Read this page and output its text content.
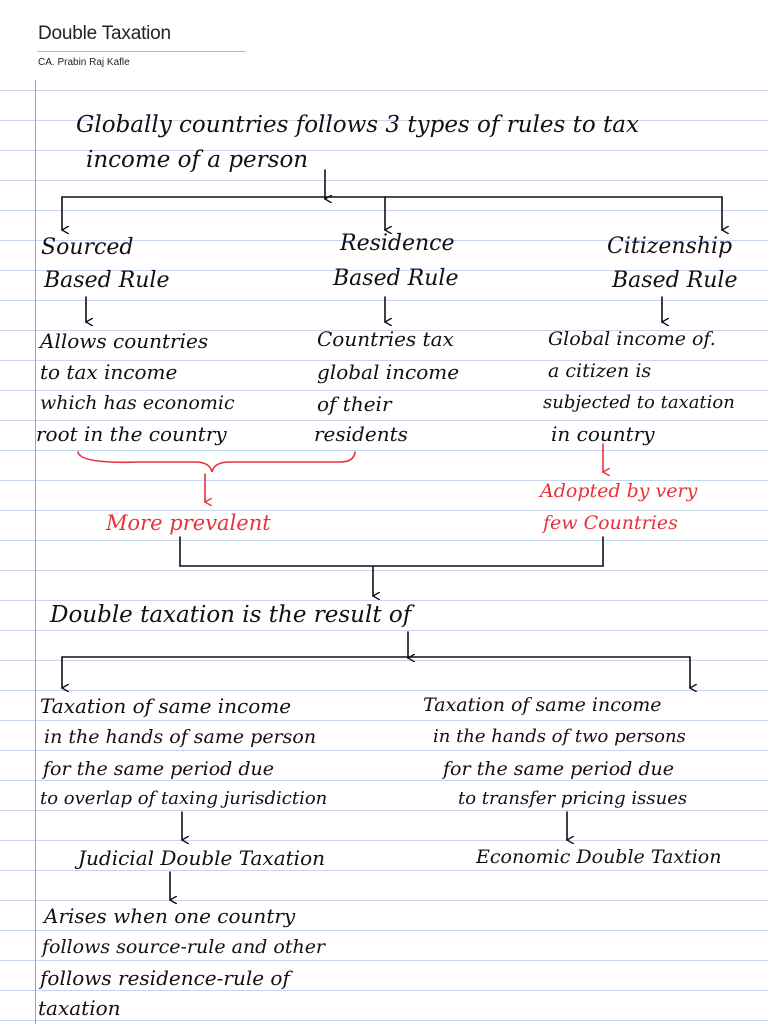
Double Taxation
CA. Prabin Raj Kafle
Globally countries follows 3 types of rules to tax
income of a person
Sourced
Based Rule
Allows countries
to tax income
which has economic
root in the country
Residence
Based Rule
Countries tax
global income
of their
residents
Citizenship
Based Rule
Global income of.
a citizen is
subjected to taxation
in country
More prevalent
Adopted by very
few Countries
Double taxation is the result of
Taxation of same income
in the hands of same person
for the same period due
to overlap of taxing jurisdiction
Taxation of same income
in the hands of two persons
for the same period due
to transfer pricing issues
Judicial Double Taxation	Economic Double Taxtion
Arises when one country
follows source-rule and other
follows residence-rule of
taxation
